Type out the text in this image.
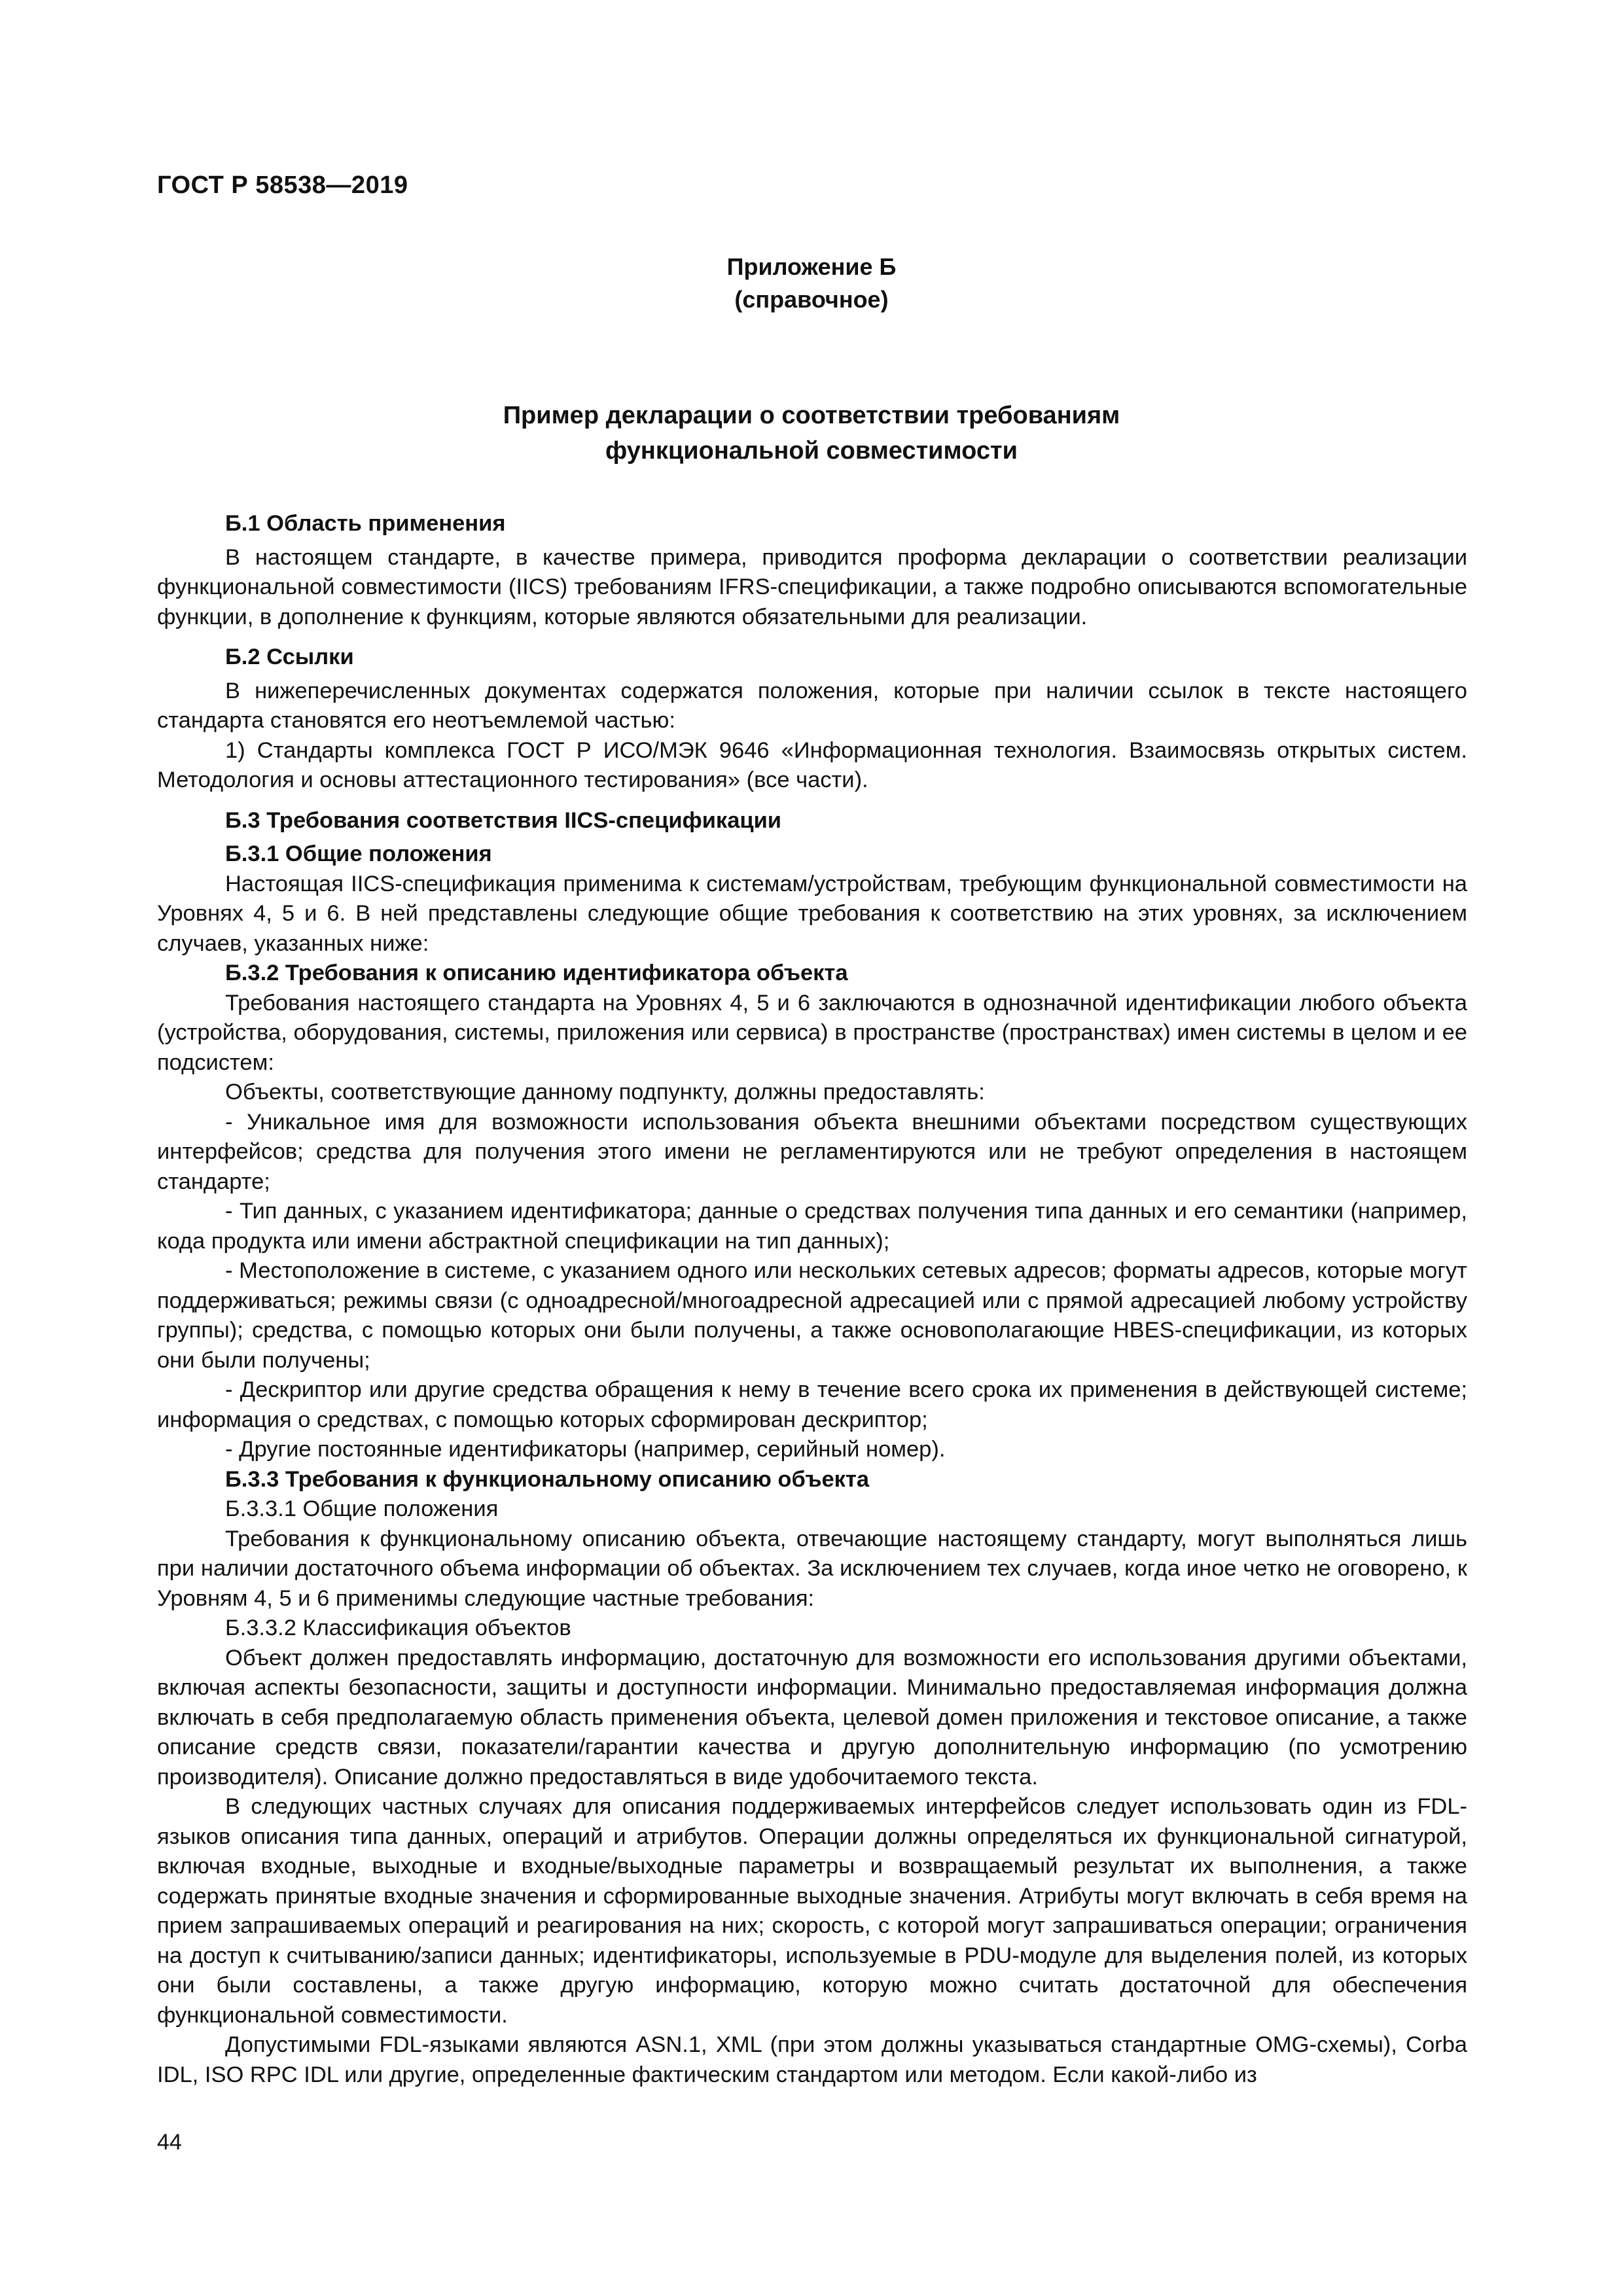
ГОСТ Р 58538—2019
Приложение Б
(справочное)
Пример декларации о соответствии требованиям
функциональной совместимости

Б.1 Область применения

В настоящем стандарте, в качестве примера, приводится проформа декларации о соответствии реализации функциональной совместимости (IICS) требованиям IFRS-спецификации, а также подробно описываются вспомогательные функции, в дополнение к функциям, которые являются обязательными для реализации.

Б.2 Ссылки

В нижеперечисленных документах содержатся положения, которые при наличии ссылок в тексте настоящего стандарта становятся его неотъемлемой частью:

1) Стандарты комплекса ГОСТ Р ИСО/МЭК 9646 «Информационная технология. Взаимосвязь открытых систем. Методология и основы аттестационного тестирования» (все части).

Б.3 Требования соответствия IICS-спецификации

Б.3.1 Общие положения

Настоящая IICS-спецификация применима к системам/устройствам, требующим функциональной совместимости на Уровнях 4, 5 и 6. В ней представлены следующие общие требования к соответствию на этих уровнях, за исключением случаев, указанных ниже:

Б.3.2 Требования к описанию идентификатора объекта

Требования настоящего стандарта на Уровнях 4, 5 и 6 заключаются в однозначной идентификации любого объекта (устройства, оборудования, системы, приложения или сервиса) в пространстве (пространствах) имен системы в целом и ее подсистем:

Объекты, соответствующие данному подпункту, должны предоставлять:

- Уникальное имя для возможности использования объекта внешними объектами посредством существующих интерфейсов; средства для получения этого имени не регламентируются или не требуют определения в настоящем стандарте;

- Тип данных, с указанием идентификатора; данные о средствах получения типа данных и его семантики (например, кода продукта или имени абстрактной спецификации на тип данных);

- Местоположение в системе, с указанием одного или нескольких сетевых адресов; форматы адресов, которые могут поддерживаться; режимы связи (с одноадресной/многоадресной адресацией или с прямой адресацией любому устройству группы); средства, с помощью которых они были получены, а также основополагающие HBES-спецификации, из которых они были получены;

- Дескриптор или другие средства обращения к нему в течение всего срока их применения в действующей системе; информация о средствах, с помощью которых сформирован дескриптор;

- Другие постоянные идентификаторы (например, серийный номер).

Б.3.3 Требования к функциональному описанию объекта

Б.3.3.1 Общие положения

Требования к функциональному описанию объекта, отвечающие настоящему стандарту, могут выполняться лишь при наличии достаточного объема информации об объектах. За исключением тех случаев, когда иное четко не оговорено, к Уровням 4, 5 и 6 применимы следующие частные требования:

Б.3.3.2 Классификация объектов

Объект должен предоставлять информацию, достаточную для возможности его использования другими объектами, включая аспекты безопасности, защиты и доступности информации. Минимально предоставляемая информация должна включать в себя предполагаемую область применения объекта, целевой домен приложения и текстовое описание, а также описание средств связи, показатели/гарантии качества и другую дополнительную информацию (по усмотрению производителя). Описание должно предоставляться в виде удобочитаемого текста.

В следующих частных случаях для описания поддерживаемых интерфейсов следует использовать один из FDL-языков описания типа данных, операций и атрибутов. Операции должны определяться их функциональной сигнатурой, включая входные, выходные и входные/выходные параметры и возвращаемый результат их выполнения, а также содержать принятые входные значения и сформированные выходные значения. Атрибуты могут включать в себя время на прием запрашиваемых операций и реагирования на них; скорость, с которой могут запрашиваться операции; ограничения на доступ к считыванию/записи данных; идентификаторы, используемые в PDU-модуле для выделения полей, из которых они были составлены, а также другую информацию, которую можно считать достаточной для обеспечения функциональной совместимости.

Допустимыми FDL-языками являются ASN.1, XML (при этом должны указываться стандартные OMG-схемы), Corba IDL, ISO RPC IDL или другие, определенные фактическим стандартом или методом. Если какой-либо из

44
